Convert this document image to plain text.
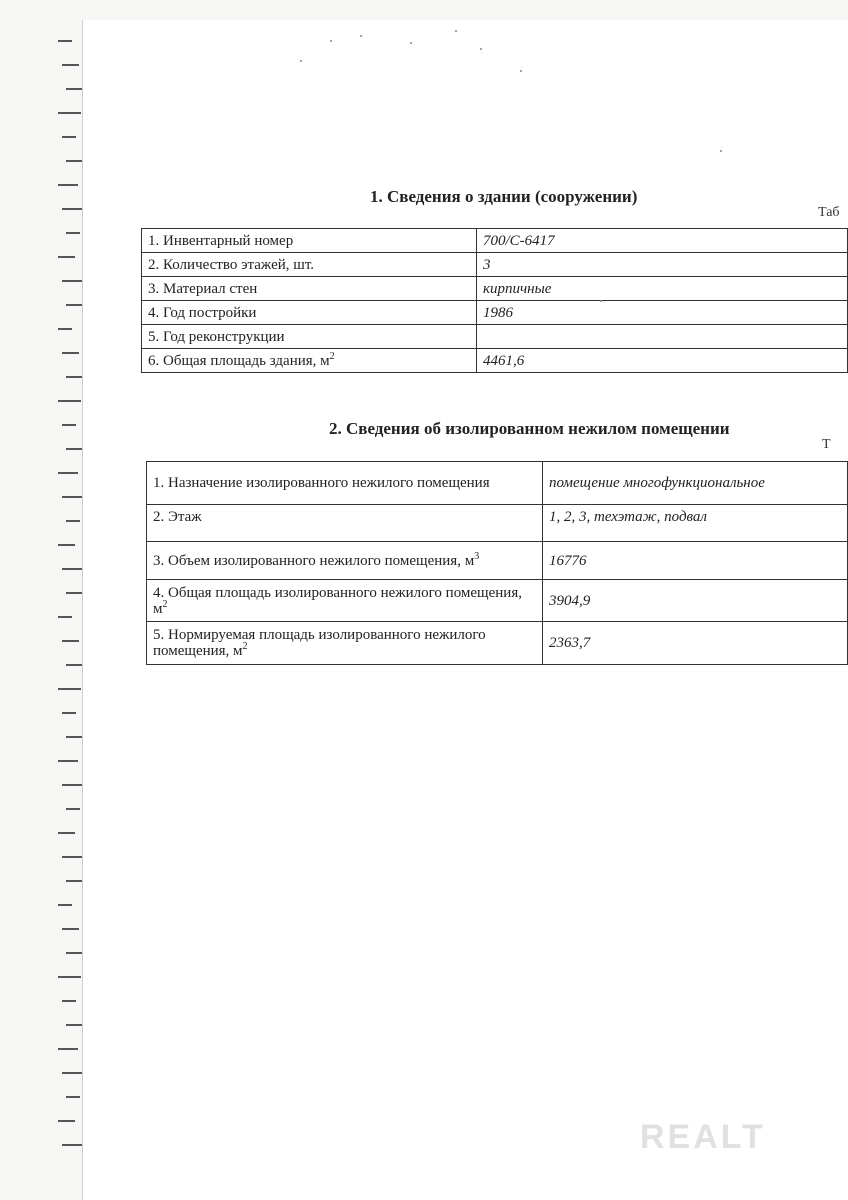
1. Сведения о здании (сооружении)
Таб
1. Инвентарный номер	700/С-6417
2. Количество этажей, шт.	3
3. Материал стен	кирпичные
4. Год постройки	1986
5. Год реконструкции	
6. Общая площадь здания, $м^2$	4461,6
2. Сведения об изолированном нежилом помещении
Т
1. Назначение изолированного нежилого помещения	помещение многофункциональное
2. Этаж	1, 2, 3, техэтаж, подвал
3. Объем изолированного нежилого помещения, $м^3$	16776
4. Общая площадь изолированного нежилого помещения, $м^2$	3904,9
5. Нормируемая площадь изолированного нежилого помещения, $м^2$	2363,7
REALT
